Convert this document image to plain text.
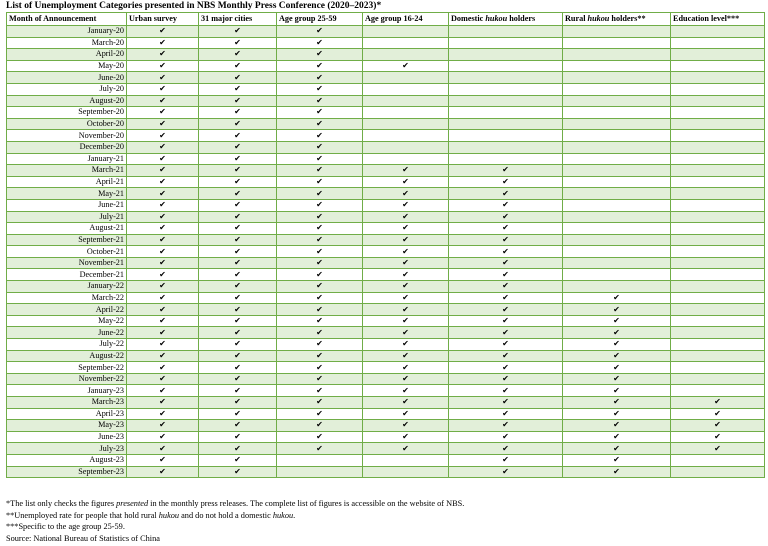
List of Unemployment Categories presented in NBS Monthly Press Conference (2020–2023)*
Month of Announcement	Urban survey	31 major cities	Age group 25-59	Age group 16-24	Domestic hukou holders	Rural hukou holders**	Education level***
January-20	✔	✔	✔				
March-20	✔	✔	✔				
April-20	✔	✔	✔				
May-20	✔	✔	✔	✔			
June-20	✔	✔	✔				
July-20	✔	✔	✔				
August-20	✔	✔	✔				
September-20	✔	✔	✔				
October-20	✔	✔	✔				
November-20	✔	✔	✔				
December-20	✔	✔	✔				
January-21	✔	✔	✔				
March-21	✔	✔	✔	✔	✔		
April-21	✔	✔	✔	✔	✔		
May-21	✔	✔	✔	✔	✔		
June-21	✔	✔	✔	✔	✔		
July-21	✔	✔	✔	✔	✔		
August-21	✔	✔	✔	✔	✔		
September-21	✔	✔	✔	✔	✔		
October-21	✔	✔	✔	✔	✔		
November-21	✔	✔	✔	✔	✔		
December-21	✔	✔	✔	✔	✔		
January-22	✔	✔	✔	✔	✔		
March-22	✔	✔	✔	✔	✔	✔	
April-22	✔	✔	✔	✔	✔	✔	
May-22	✔	✔	✔	✔	✔	✔	
June-22	✔	✔	✔	✔	✔	✔	
July-22	✔	✔	✔	✔	✔	✔	
August-22	✔	✔	✔	✔	✔	✔	
September-22	✔	✔	✔	✔	✔	✔	
November-22	✔	✔	✔	✔	✔	✔	
January-23	✔	✔	✔	✔	✔	✔	
March-23	✔	✔	✔	✔	✔	✔	✔
April-23	✔	✔	✔	✔	✔	✔	✔
May-23	✔	✔	✔	✔	✔	✔	✔
June-23	✔	✔	✔	✔	✔	✔	✔
July-23	✔	✔	✔	✔	✔	✔	✔
August-23	✔	✔			✔	✔	
September-23	✔	✔			✔	✔	
*The list only checks the figures presented in the monthly press releases. The complete list of figures is accessible on the website of NBS.
**Unemployed rate for people that hold rural hukou and do not hold a domestic hukou.
***Specific to the age group 25-59.
Source: National Bureau of Statistics of China
